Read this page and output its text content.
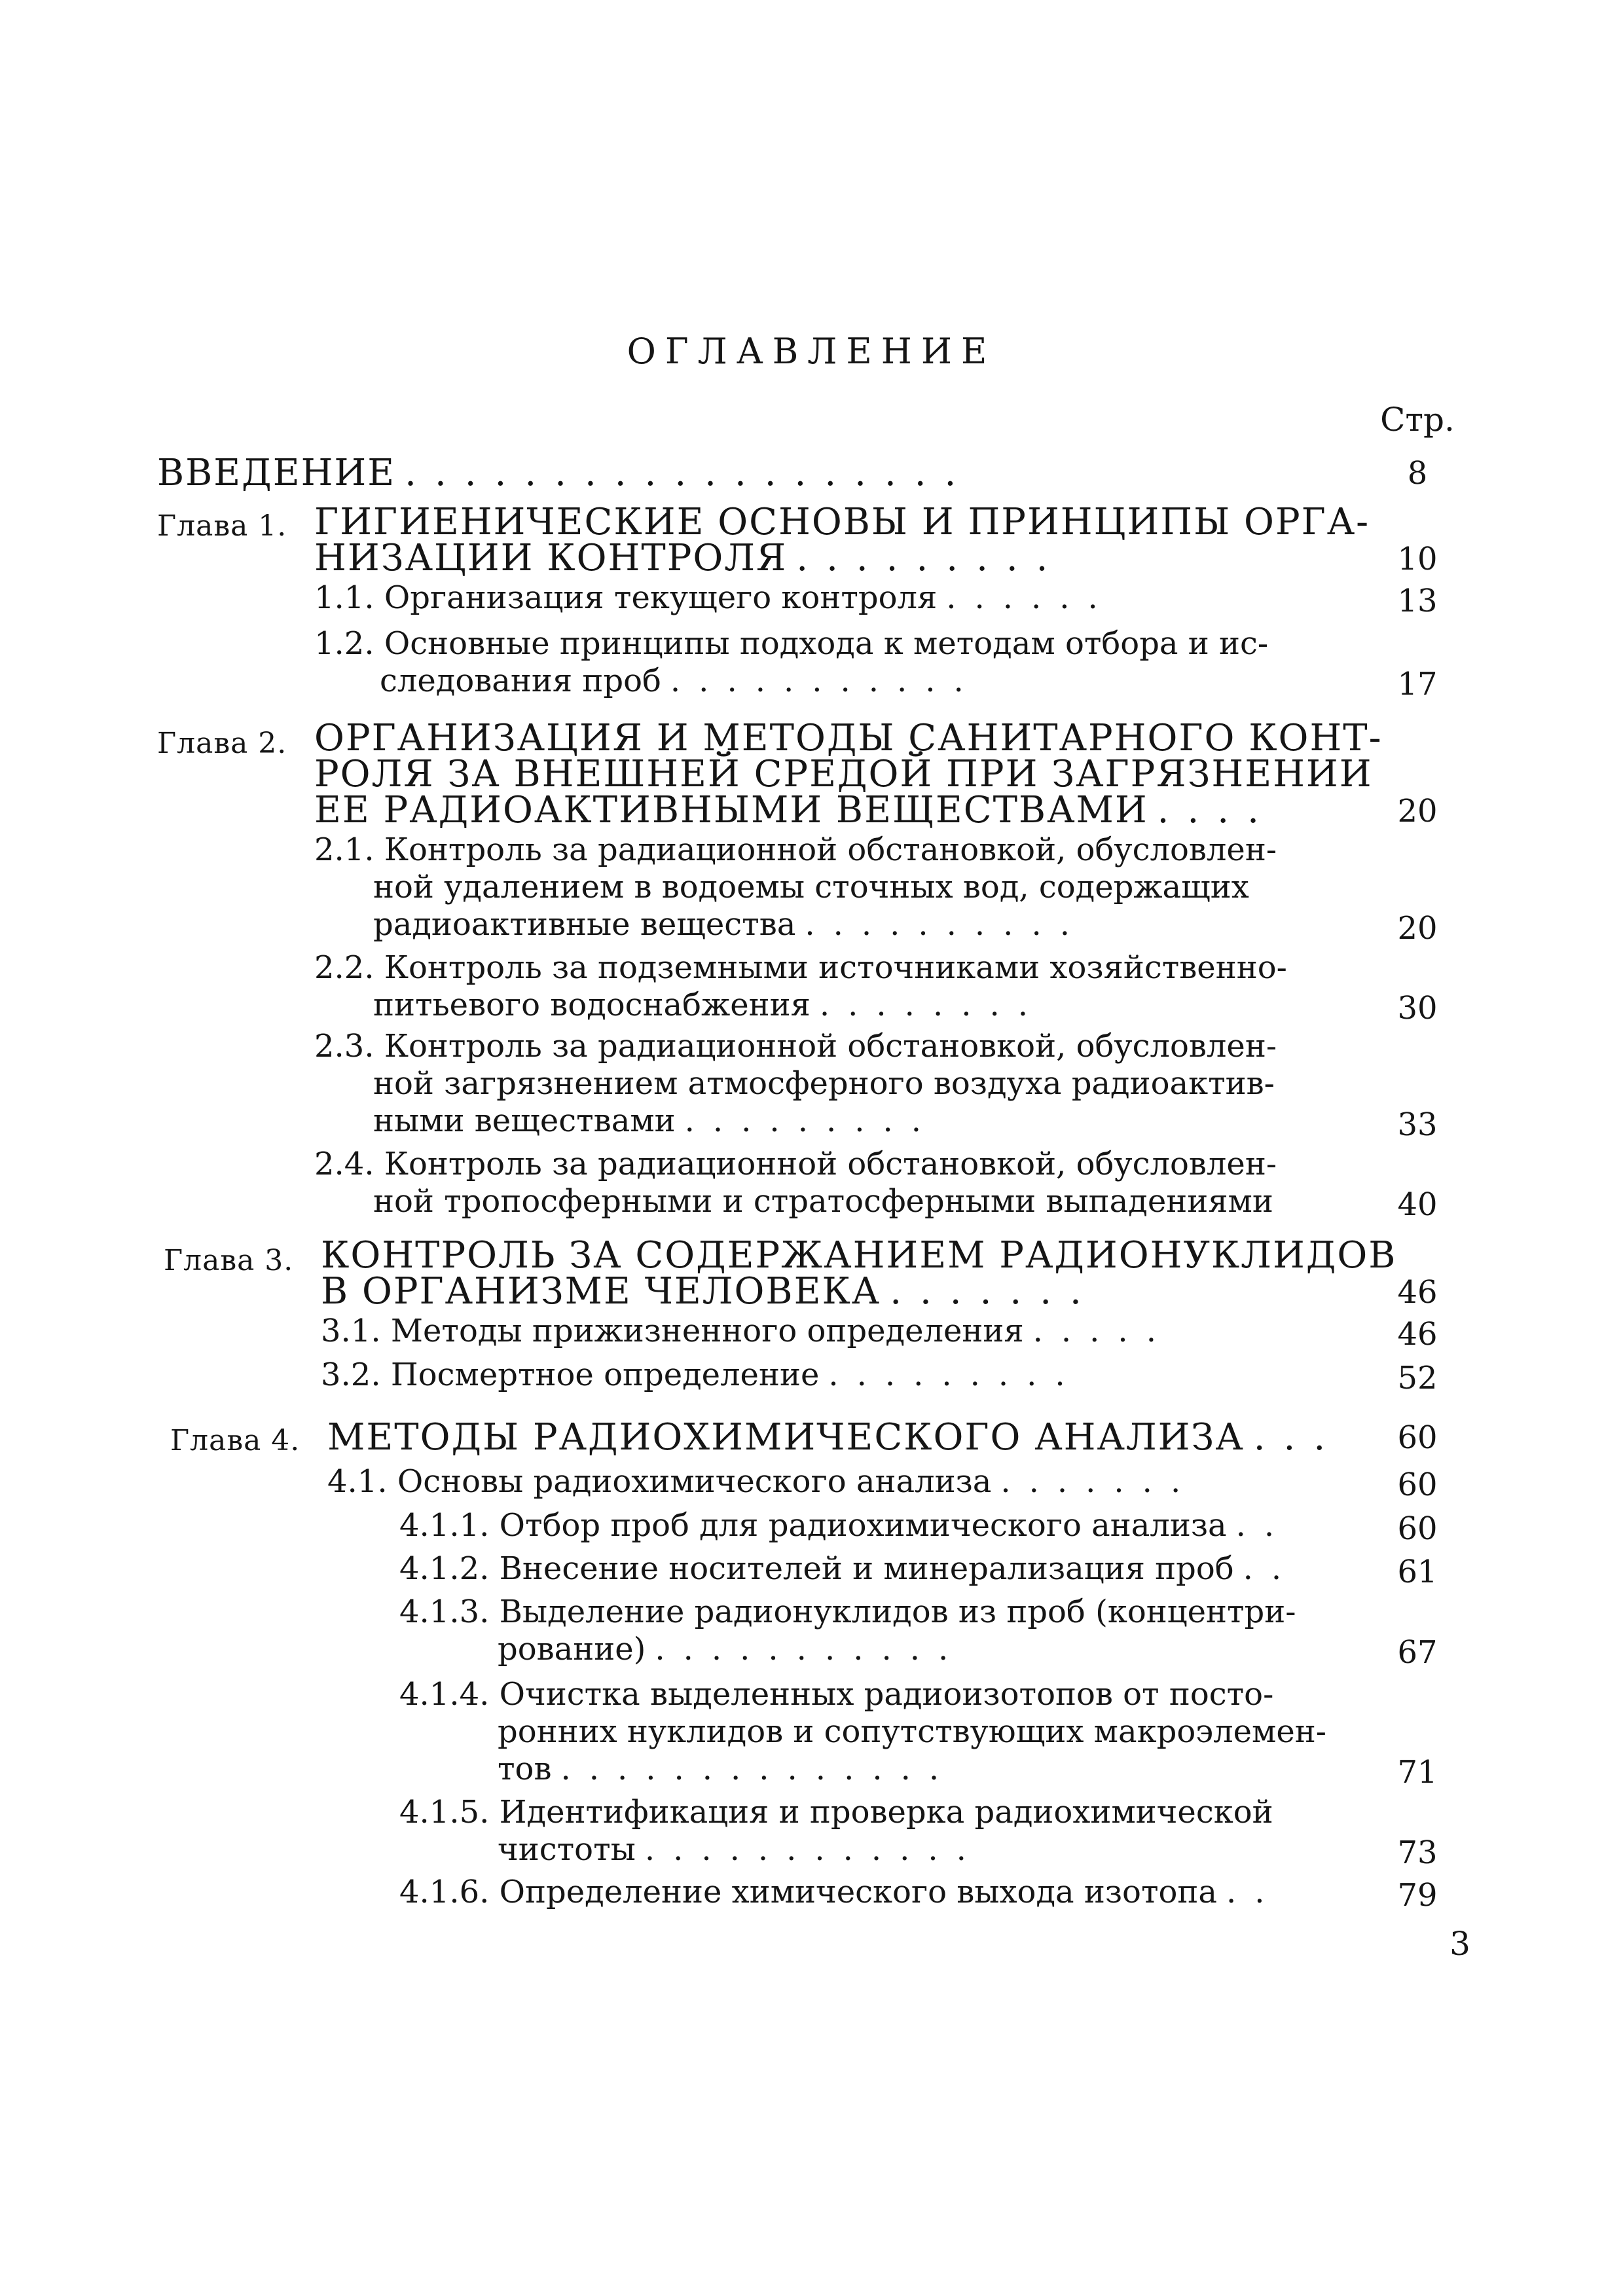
ОГЛАВЛЕНИЕ
Стр.
ВВЕДЕНИЕ ...................	8
Глава 1. ГИГИЕНИЧЕСКИЕ ОСНОВЫ И ПРИНЦИПЫ ОРГА-
НИЗАЦИИ КОНТРОЛЯ .........	10
1.1. Организация текущего контроля ......	13
1.2. Основные принципы подхода к методам отбора и ис-
следования проб ...........	17
Глава 2. ОРГАНИЗАЦИЯ И МЕТОДЫ САНИТАРНОГО КОНТ-
РОЛЯ ЗА ВНЕШНЕЙ СРЕДОЙ ПРИ ЗАГРЯЗНЕНИИ
ЕЕ РАДИОАКТИВНЫМИ ВЕЩЕСТВАМИ ....	20
2.1. Контроль за радиационной обстановкой, обусловлен-
ной удалением в водоемы сточных вод, содержащих
радиоактивные вещества ..........	20
2.2. Контроль за подземными источниками хозяйственно-
питьевого водоснабжения ........	30
2.3. Контроль за радиационной обстановкой, обусловлен-
ной загрязнением атмосферного воздуха радиоактив-
ными веществами .........	33
2.4. Контроль за радиационной обстановкой, обусловлен-
ной тропосферными и стратосферными выпадениями	40
Глава 3. КОНТРОЛЬ ЗА СОДЕРЖАНИЕМ РАДИОНУКЛИДОВ
В ОРГАНИЗМЕ ЧЕЛОВЕКА .......	46
3.1. Методы прижизненного определения .....	46
3.2. Посмертное определение .........	52
Глава 4. МЕТОДЫ РАДИОХИМИЧЕСКОГО АНАЛИЗА ...	60
4.1. Основы радиохимического анализа .......	60
4.1.1. Отбор проб для радиохимического анализа ..	60
4.1.2. Внесение носителей и минерализация проб ..	61
4.1.3. Выделение радионуклидов из проб (концентри-
рование) ...........	67
4.1.4. Очистка выделенных радиоизотопов от посто-
ронних нуклидов и сопутствующих макроэлемен-
тов ..............	71
4.1.5. Идентификация и проверка радиохимической
чистоты ............	73
4.1.6. Определение химического выхода изотопа ..	79
3
